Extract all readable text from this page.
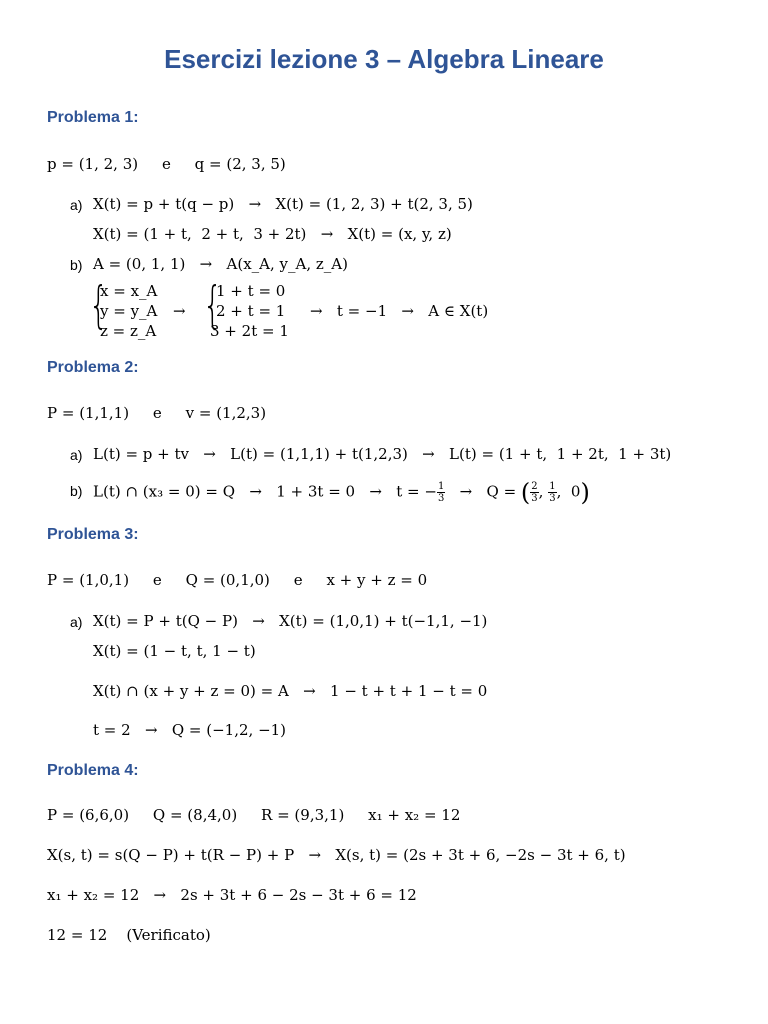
Esercizi lezione 3 – Algebra Lineare
Problema 1:
p = (1, 2, 3)     e     q = (2, 3, 5)
a) X(t) = p + t(q − p)   →   X(t) = (1, 2, 3) + t(2, 3, 5)
X(t) = (1 + t,  2 + t,  3 + 2t)   →   X(t) = (x, y, z)
b) A = (0, 1, 1)   →   A(x_A, y_A, z_A)
{
x = x_A
y = y_A
z = z_A
→ {
1 + t = 0
2 + t = 1
3 + 2t = 1
→   t = −1   →   A ∈ X(t)
Problema 2:
P = (1,1,1)     e     v = (1,2,3)
a) L(t) = p + tv   →   L(t) = (1,1,1) + t(1,2,3)   →   L(t) = (1 + t,  1 + 2t,  1 + 3t)
b) L(t) ∩ (x₃ = 0) = Q   →   1 + 3t = 0   →   t = − $\frac{1}{3} \to Q$ = ( $\frac{2}{3}$ , $\frac{1}{3}$ ,  0)
Problema 3:
P = (1,0,1)     e     Q = (0,1,0)     e     x + y + z = 0
a) X(t) = P + t(Q − P)   →   X(t) = (1,0,1) + t(−1,1, −1)
X(t) = (1 − t, t, 1 − t)
X(t) ∩ (x + y + z = 0) = A   →   1 − t + t + 1 − t = 0
t = 2   →   Q = (−1,2, −1)
Problema 4:
P = (6,6,0)     Q = (8,4,0)     R = (9,3,1)     x₁ + x₂ = 12
X(s, t) = s(Q − P) + t(R − P) + P   →   X(s, t) = (2s + 3t + 6, −2s − 3t + 6, t)
x₁ + x₂ = 12   →   2s + 3t + 6 − 2s − 3t + 6 = 12
12 = 12    (Verificato)
